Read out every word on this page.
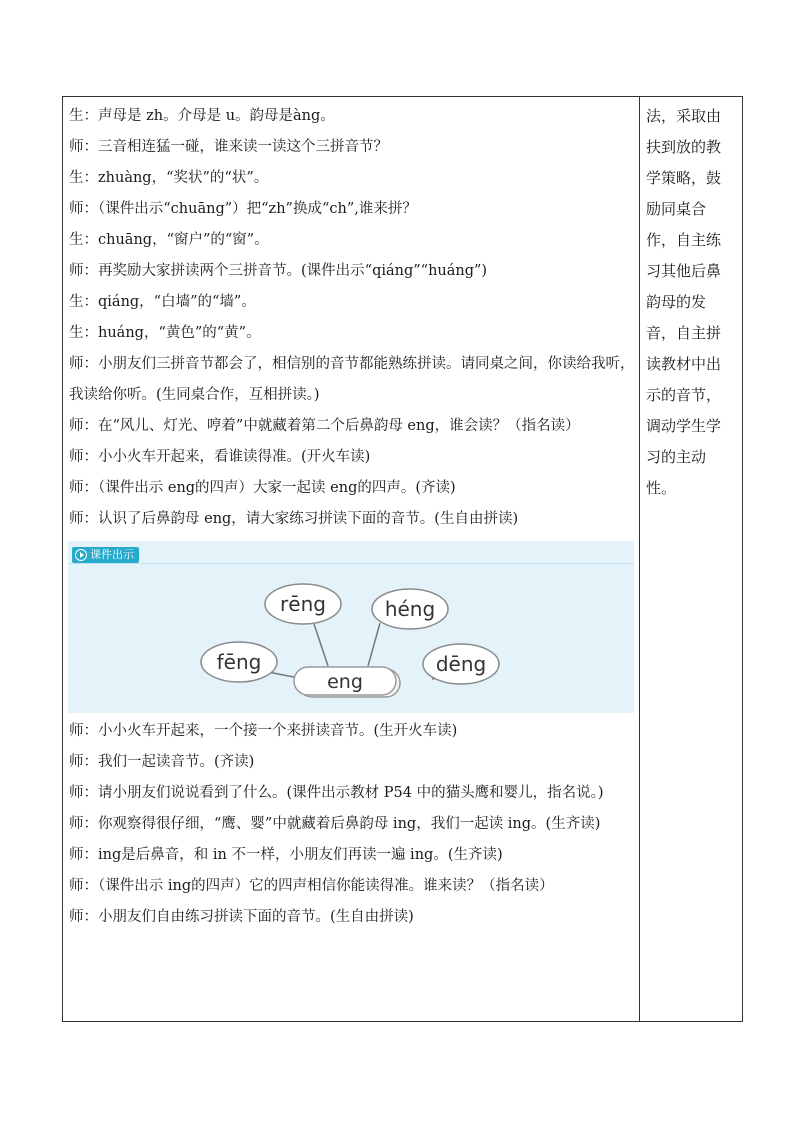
生：声母是 zh。介母是 u。韵母是àng。
师：三音相连猛一碰，谁来读一读这个三拼音节？
生：zhuàng，“奖状”的“状”。
师：（课件出示“chuāng”）把“zh”换成“ch”,谁来拼？
生：chuāng，“窗户”的“窗”。
师：再奖励大家拼读两个三拼音节。(课件出示“qiáng”“huáng”)
生：qiáng，“白墙”的“墙”。
生：huáng，“黄色”的“黄”。
师：小朋友们三拼音节都会了，相信别的音节都能熟练拼读。请同桌之间，你读给我听，我读给你听。(生同桌合作，互相拼读。)
师：在“风儿、灯光、哼着”中就藏着第二个后鼻韵母 eng，谁会读？（指名读）
师：小小火车开起来，看谁读得准。(开火车读)
师：（课件出示 eng的四声）大家一起读 eng的四声。(齐读)
师：认识了后鼻韵母 eng，请大家练习拼读下面的音节。(生自由拼读)
课件出示
eng
rēng	héng
fēng	dēng
师：小小火车开起来，一个接一个来拼读音节。(生开火车读)
师：我们一起读音节。(齐读)
师：请小朋友们说说看到了什么。(课件出示教材 P54 中的猫头鹰和婴儿，指名说。)
师：你观察得很仔细，“鹰、婴”中就藏着后鼻韵母 ing，我们一起读 ing。(生齐读)
师：ing是后鼻音，和 in 不一样，小朋友们再读一遍 ing。(生齐读)
师：（课件出示 ing的四声）它的四声相信你能读得准。谁来读？（指名读）
师：小朋友们自由练习拼读下面的音节。(生自由拼读)
法，采取由
扶到放的教
学策略，鼓
励同桌合
作，自主练
习其他后鼻
韵母的发
音，自主拼
读教材中出
示的音节，
调动学生学
习的主动
性。
